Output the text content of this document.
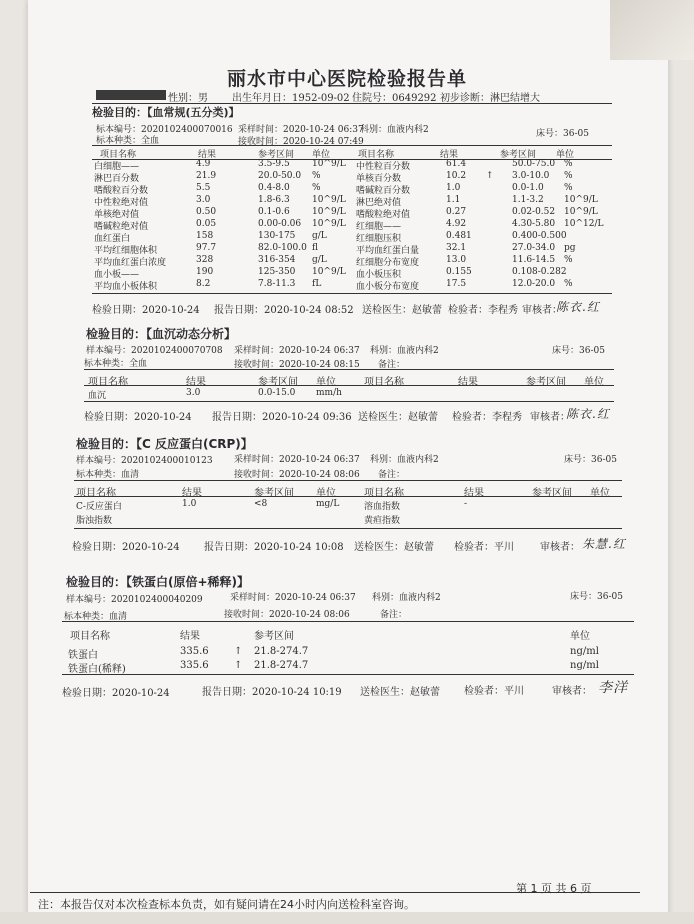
丽水市中心医院检验报告单
性别：男 出生年月日：1952-09-02 住院号：0649292 初步诊断：淋巴结增大
检验目的：【血常规(五分类)】
标本编号：2020102400070016 采样时间：2020-10-24 06:37
科别：血液内科2	床号：36-05
标本种类：全血	接收时间：2020-10-24 07:49
项目名称	结果	参考区间 单位	项目名称	结果	参考区间 单位
白细胞——	4.9	3.5-9.5 10^9/L 中性粒百分数	61.4	50.0-75.0 %
淋巴百分数	21.9	20.0-50.0 %	单核百分数	10.2 ↑ 3.0-10.0 %
嗜酸粒百分数	5.5	0.4-8.0 %	嗜碱粒百分数	1.0	0.0-1.0 %
中性粒绝对值	3.0	1.8-6.3 10^9/L 淋巴绝对值	1.1	1.1-3.2 10^9/L
单核绝对值	0.50	0.1-0.6 10^9/L 嗜酸粒绝对值	0.27	0.02-0.52 10^9/L
嗜碱粒绝对值	0.05	0.00-0.06 10^9/L 红细胞——	4.92	4.30-5.80 10^12/L
血红蛋白	158	130-175 g/L	红细胞压积	0.481	0.400-0.500
平均红细胞体积	97.7	82.0-100.0 fl	平均血红蛋白量	32.1	27.0-34.0 pg
平均血红蛋白浓度	328	316-354 g/L	红细胞分布宽度	13.0	11.6-14.5 %
血小板——	190	125-350 10^9/L 血小板压积	0.155	0.108-0.282
平均血小板体积	8.2	7.8-11.3 fL	血小板分布宽度	17.5	12.0-20.0 %
检验日期：2020-10-24 报告日期：2020-10-24 08:52 送检医生：赵敏蕾 检验者：李程秀 审核者：
陈衣.红
检验目的：【血沉动态分析】
样本编号：2020102400070708 采样时间：2020-10-24 06:37 科别：血液内科2	床号：36-05
标本种类：全血	接收时间：2020-10-24 08:15 备注：
项目名称	结果	参考区间 单位	项目名称	结果	参考区间 单位
血沉	3.0	0.0-15.0 mm/h
检验日期：2020-10-24 报告日期：2020-10-24 09:36 送检医生：赵敏蕾 检验者：李程秀 审核者：
陈衣.红
检验目的：【C 反应蛋白(CRP)】
样本编号：2020102400010123 采样时间：2020-10-24 06:37 科别：血液内科2	床号：36-05
标本种类：血清	接收时间：2020-10-24 08:06 备注：
项目名称	结果	参考区间 单位	项目名称	结果	参考区间 单位
C-反应蛋白	1.0	<8	mg/L	溶血指数	-
脂浊指数	黄疸指数
检验日期：2020-10-24 报告日期：2020-10-24 10:08 送检医生：赵敏蕾 检验者：平川	审核者： 朱慧.红
检验目的：【铁蛋白(原倍+稀释)】
样本编号：2020102400040209	采样时间：2020-10-24 06:37 科别：血液内科2	床号：36-05
标本种类：血清	接收时间：2020-10-24 08:06	备注：
项目名称	结果	参考区间	单位
铁蛋白	335.6	↑ 21.8-274.7	ng/ml
铁蛋白(稀释)	335.6	↑ 21.8-274.7	ng/ml
检验日期：2020-10-24	报告日期：2020-10-24 10:19 送检医生：赵敏蕾 检验者：平川	审核者： 李洋
注：本报告仅对本次检查标本负责，如有疑问请在24小时内向送检科室咨询。
第 1 页 共 6 页
